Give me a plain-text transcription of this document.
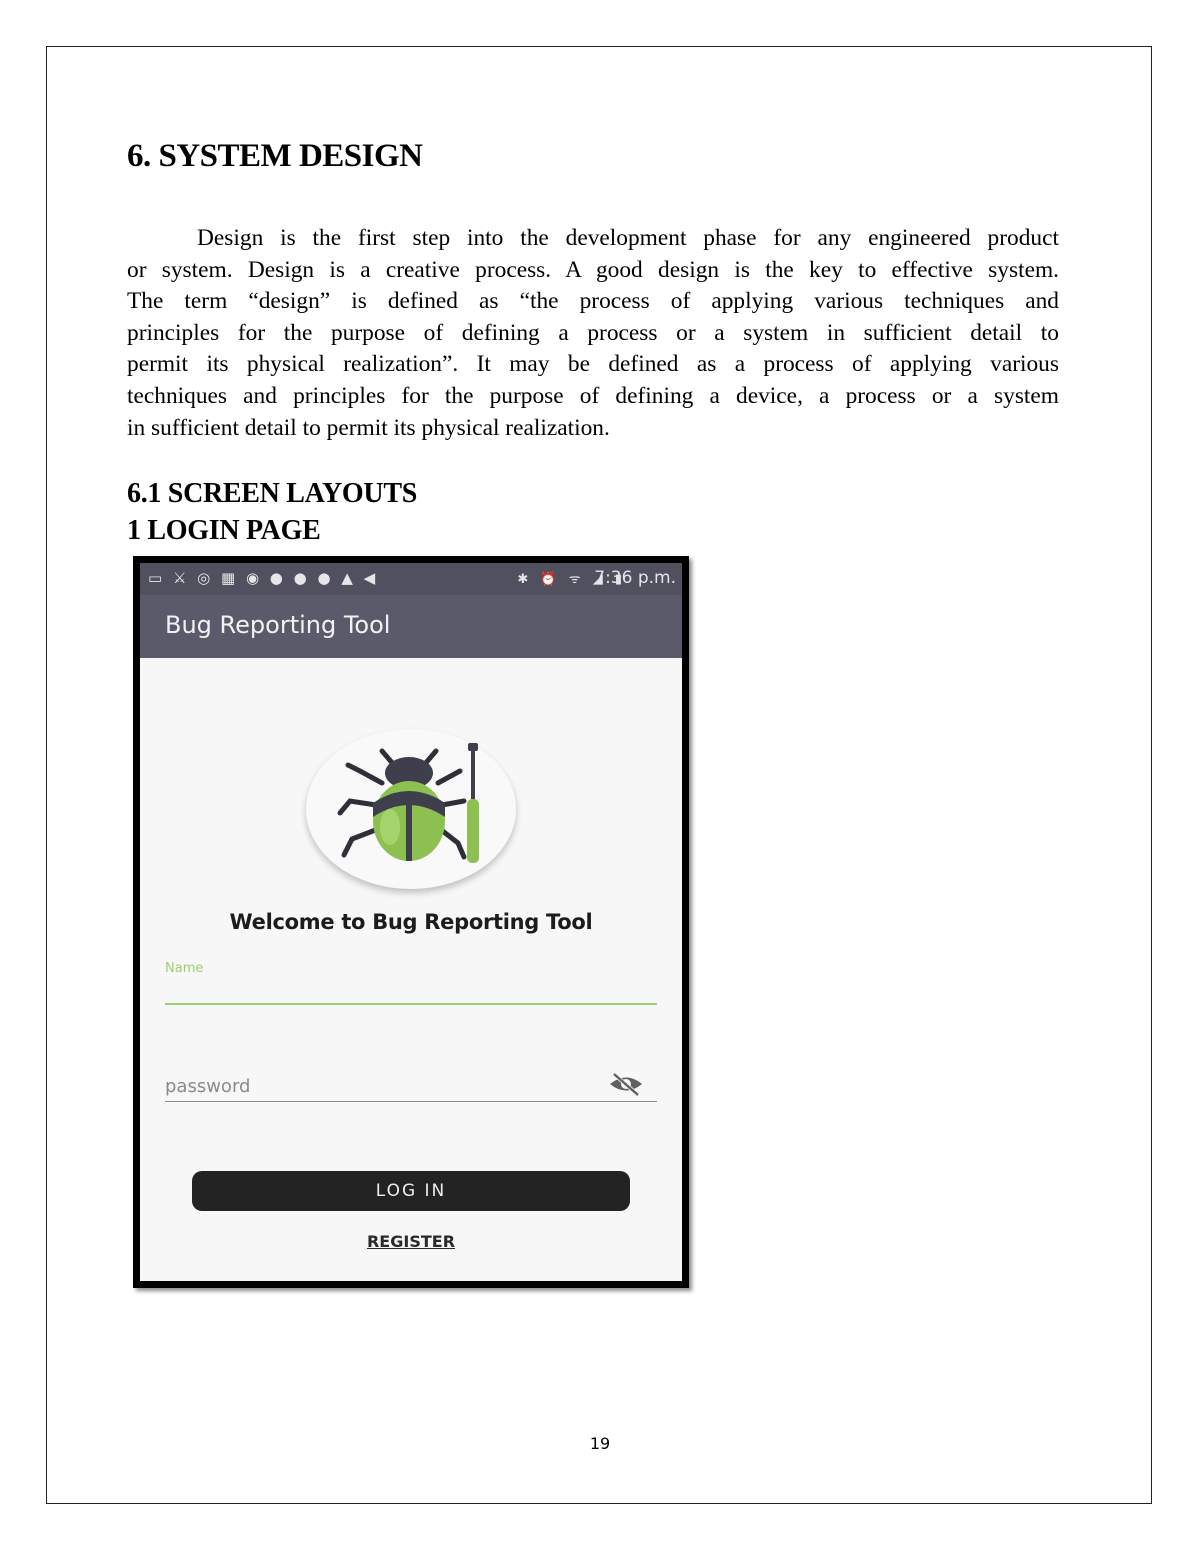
6. SYSTEM DESIGN
Design is the first step into the development phase for any engineered product
or system. Design is a creative process. A good design is the key to effective system.
The term “design” is defined as “the process of applying various techniques and
principles for the purpose of defining a process or a system in sufficient detail to
permit its physical realization”. It may be defined as a process of applying various
techniques and principles for the purpose of defining a device, a process or a system
in sufficient detail to permit its physical realization.
6.1 SCREEN LAYOUTS
1 LOGIN PAGE
▭ ⚔ ◎ ▦ ◉ ● ● ● ▲ ◀	✱ ⏰ ᯤ ◢ ▮
7:36 p.m.
Bug Reporting Tool
Welcome to Bug Reporting Tool
Name
password
LOG IN
REGISTER
19
